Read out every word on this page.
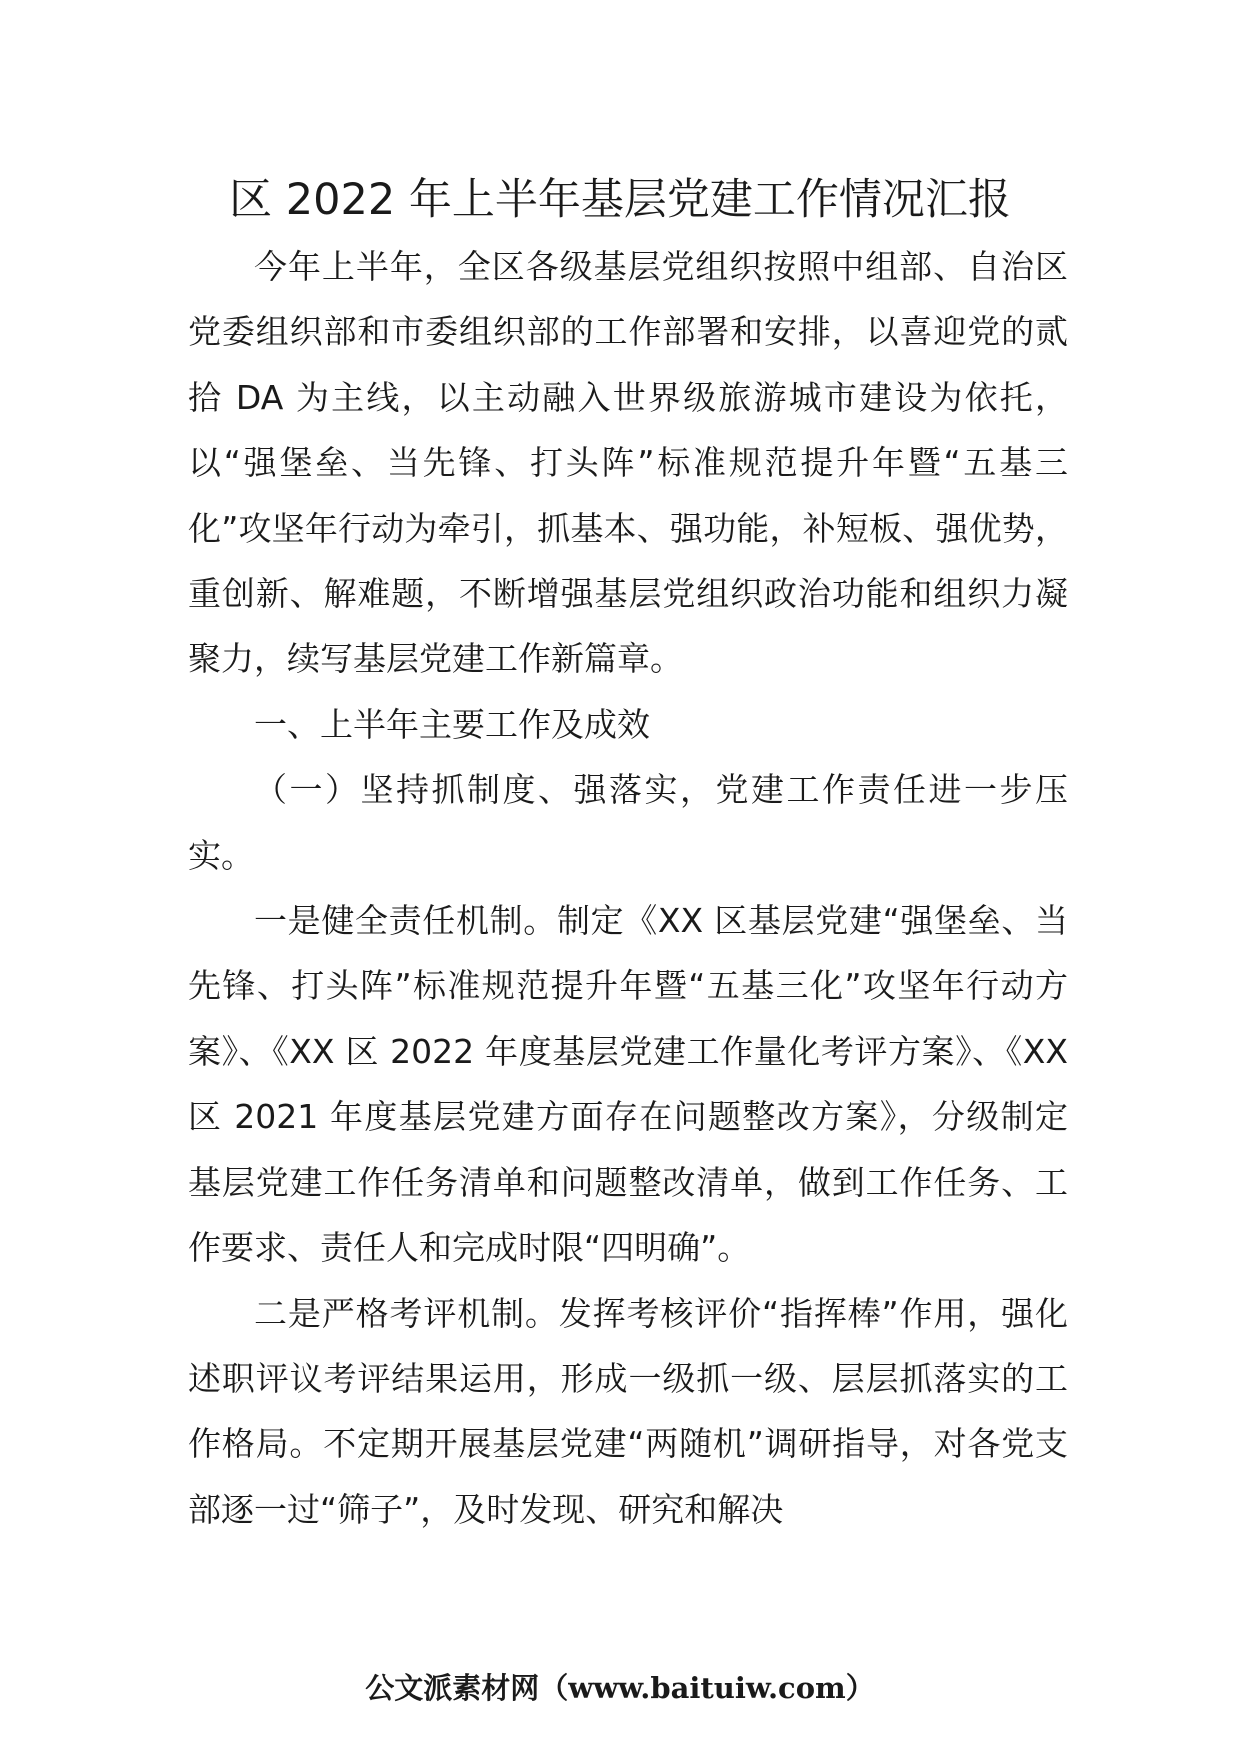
区 2022 年上半年基层党建工作情况汇报

今年上半年，全区各级基层党组织按照中组部、自治区党委组织部和市委组织部的工作部署和安排，以喜迎党的贰拾 DA 为主线，以主动融入世界级旅游城市建设为依托，以“强堡垒、当先锋、打头阵”标准规范提升年暨“五基三化”攻坚年行动为牵引，抓基本、强功能，补短板、强优势，重创新、解难题，不断增强基层党组织政治功能和组织力凝聚力，续写基层党建工作新篇章。

一、上半年主要工作及成效

（一）坚持抓制度、强落实，党建工作责任进一步压实。

一是健全责任机制。制定《XX 区基层党建“强堡垒、当先锋、打头阵”标准规范提升年暨“五基三化”攻坚年行动方案》、《XX 区 2022 年度基层党建工作量化考评方案》、《XX 区 2021 年度基层党建方面存在问题整改方案》，分级制定基层党建工作任务清单和问题整改清单，做到工作任务、工作要求、责任人和完成时限“四明确”。

二是严格考评机制。发挥考核评价“指挥棒”作用，强化述职评议考评结果运用，形成一级抓一级、层层抓落实的工作格局。不定期开展基层党建“两随机”调研指导，对各党支部逐一过“筛子”，及时发现、研究和解决

公文派素材网（www.baituiw.com）
